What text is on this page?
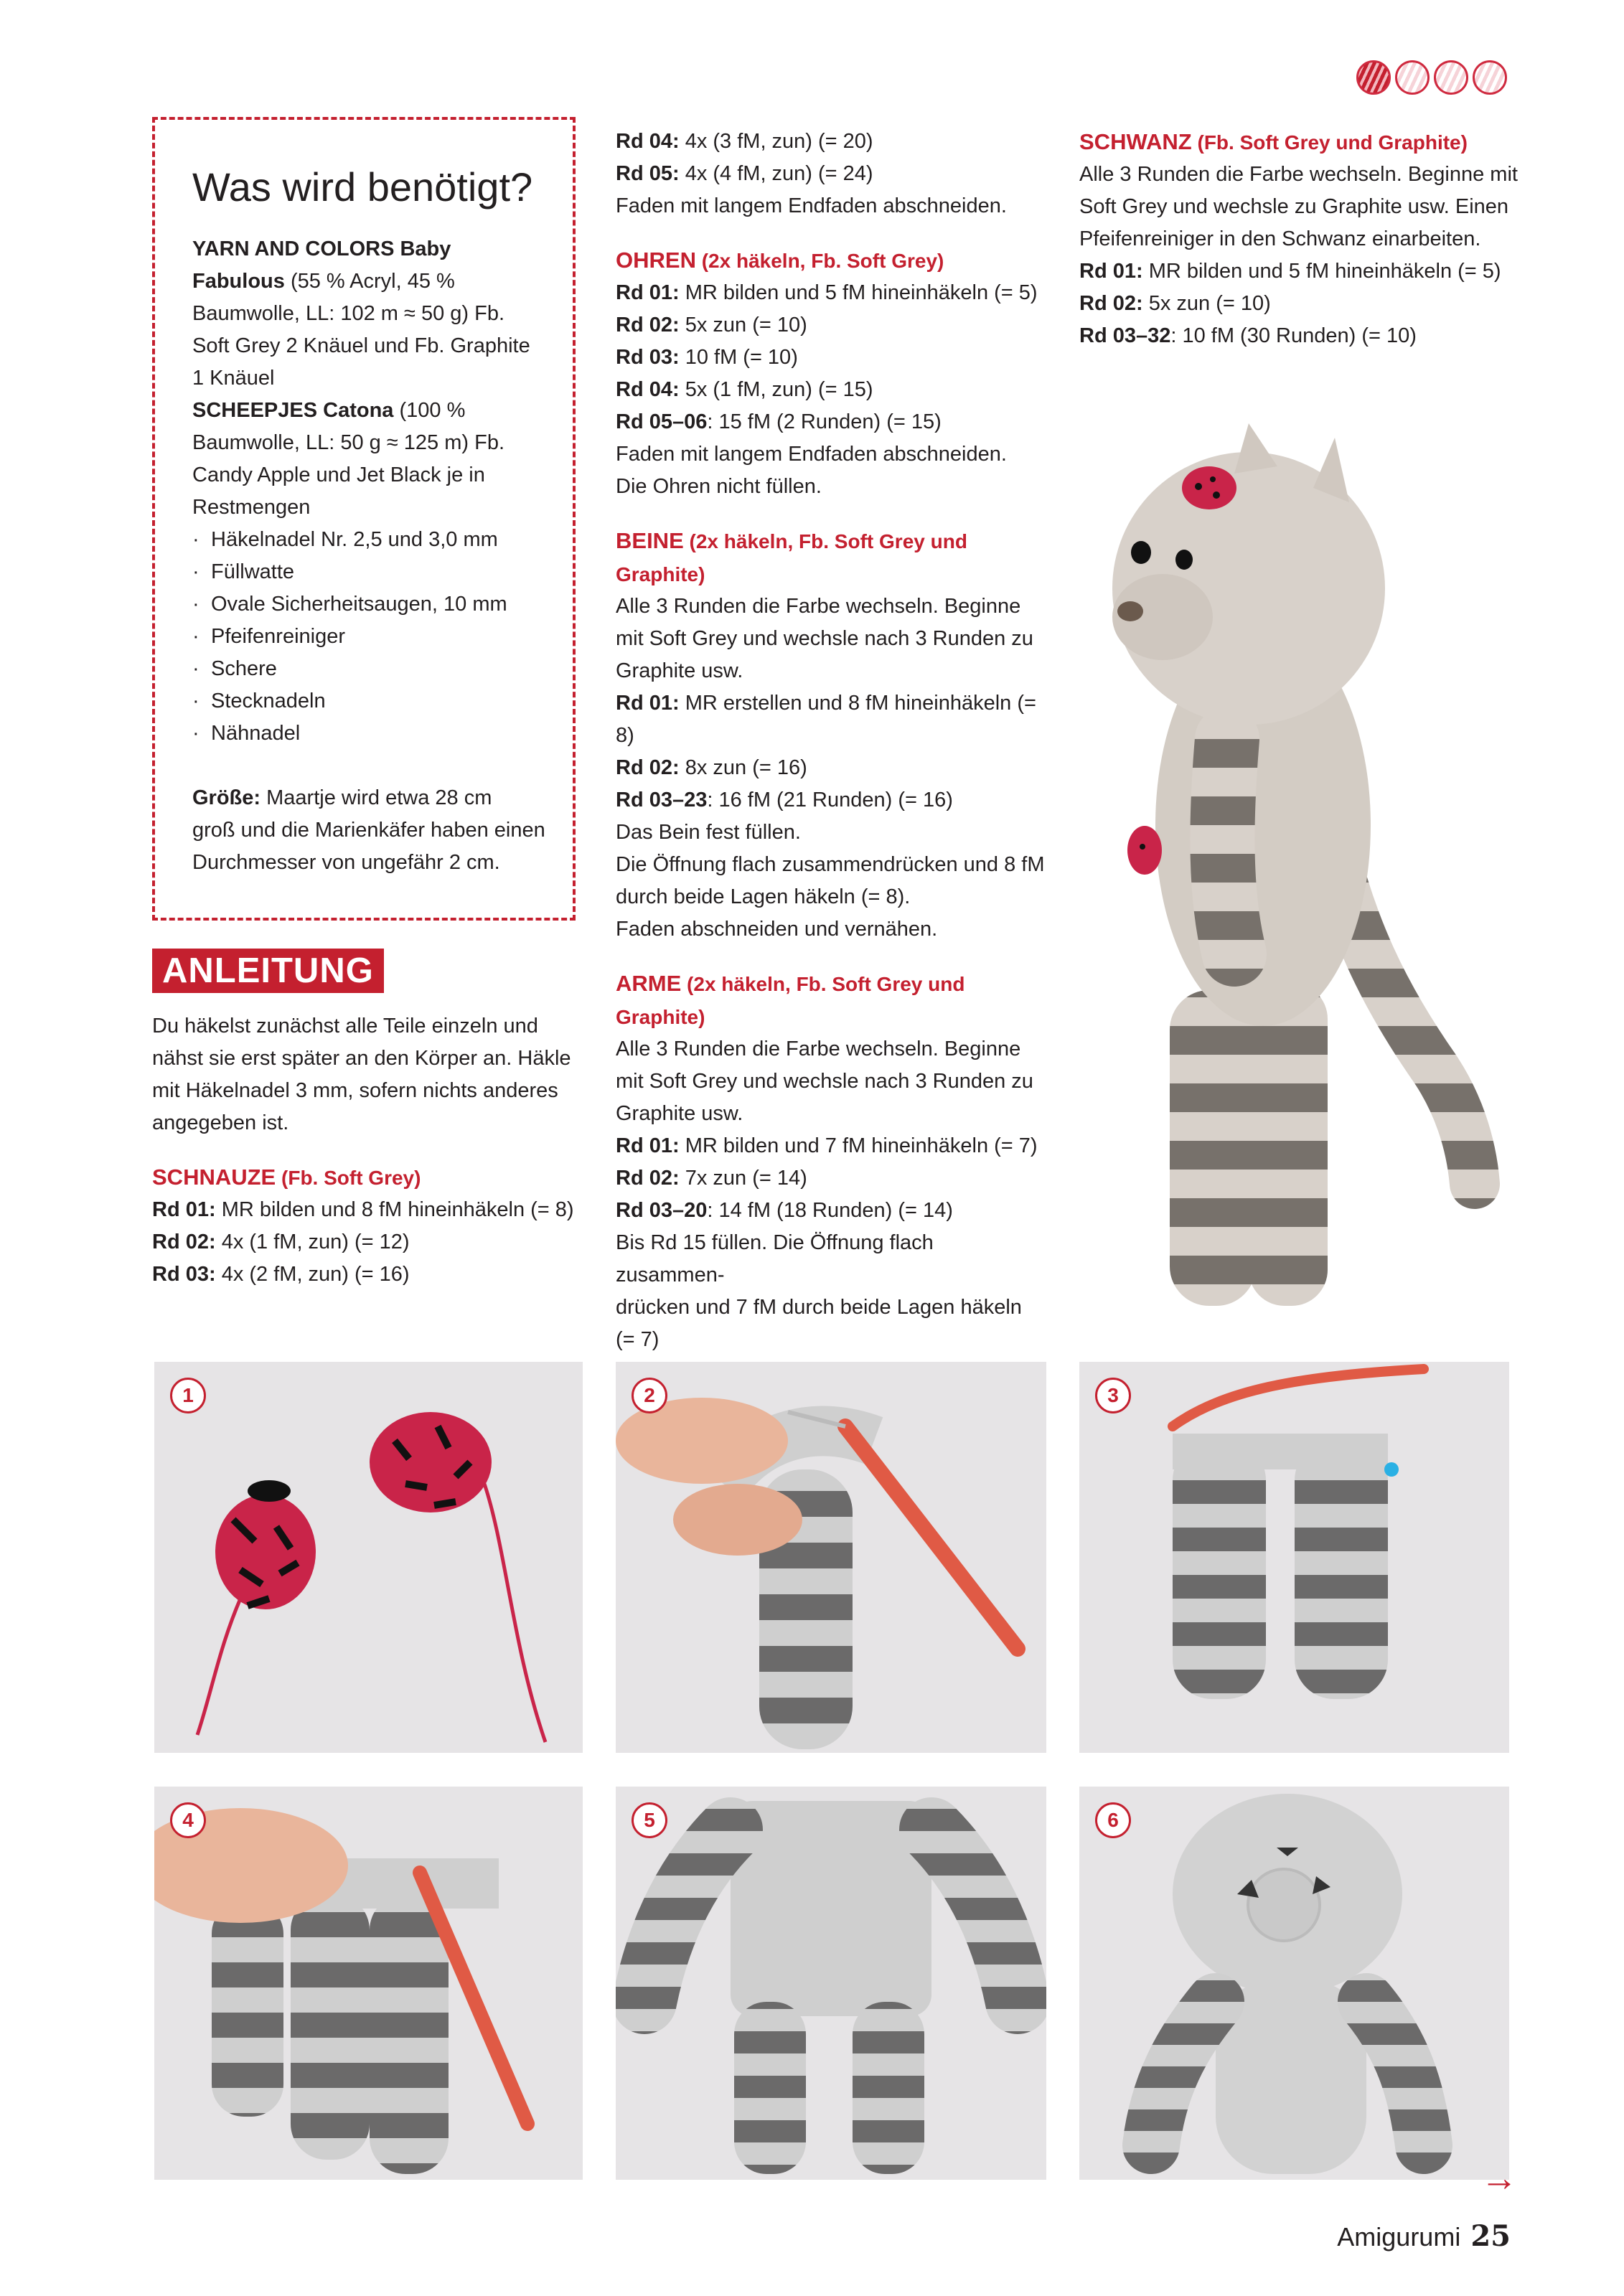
Was wird benötigt?

YARN AND COLORS Baby

Fabulous (55 % Acryl, 45 %

Baumwolle, LL: 102 m ≈ 50 g) Fb.

Soft Grey 2 Knäuel und Fb. Graphite

1 Knäuel

SCHEEPJES Catona (100 %

Baumwolle, LL: 50 g ≈ 125 m) Fb.

Candy Apple und Jet Black je in

Restmengen

· Häkelnadel Nr. 2,5 und 3,0 mm
· Füllwatte
· Ovale Sicherheitsaugen, 10 mm
· Pfeifenreiniger
· Schere
· Stecknadeln
· Nähnadel

Größe: Maartje wird etwa 28 cm

groß und die Marienkäfer haben einen

Durchmesser von ungefähr 2 cm.

ANLEITUNG

Du häkelst zunächst alle Teile einzeln und

nähst sie erst später an den Körper an. Häkle

mit Häkelnadel 3 mm, sofern nichts anderes

angegeben ist.

SCHNAUZE (Fb. Soft Grey)

Rd 01: MR bilden und 8 fM hineinhäkeln (= 8)

Rd 02: 4x (1 fM, zun) (= 12)

Rd 03: 4x (2 fM, zun) (= 16)

Rd 04: 4x (3 fM, zun) (= 20)

Rd 05: 4x (4 fM, zun) (= 24)

Faden mit langem Endfaden abschneiden.

OHREN (2x häkeln, Fb. Soft Grey)

Rd 01: MR bilden und 5 fM hineinhäkeln (= 5)

Rd 02: 5x zun (= 10)

Rd 03: 10 fM (= 10)

Rd 04: 5x (1 fM, zun) (= 15)

Rd 05–06: 15 fM (2 Runden) (= 15)

Faden mit langem Endfaden abschneiden.

Die Ohren nicht füllen.

BEINE (2x häkeln, Fb. Soft Grey und

Graphite)

Alle 3 Runden die Farbe wechseln. Beginne

mit Soft Grey und wechsle nach 3 Runden zu

Graphite usw.

Rd 01: MR erstellen und 8 fM hineinhäkeln (= 8)

Rd 02: 8x zun (= 16)

Rd 03–23: 16 fM (21 Runden) (= 16)

Das Bein fest füllen.

Die Öffnung flach zusammendrücken und 8 fM

durch beide Lagen häkeln (= 8).

Faden abschneiden und vernähen.

ARME (2x häkeln, Fb. Soft Grey und

Graphite)

Alle 3 Runden die Farbe wechseln. Beginne

mit Soft Grey und wechsle nach 3 Runden zu

Graphite usw.

Rd 01: MR bilden und 7 fM hineinhäkeln (= 7)

Rd 02: 7x zun (= 14)

Rd 03–20: 14 fM (18 Runden) (= 14)

Bis Rd 15 füllen. Die Öffnung flach zusammen-

drücken und 7 fM durch beide Lagen häkeln (= 7)

SCHWANZ (Fb. Soft Grey und Graphite)

Alle 3 Runden die Farbe wechseln. Beginne mit

Soft Grey und wechsle zu Graphite usw. Einen

Pfeifenreiniger in den Schwanz einarbeiten.

Rd 01: MR bilden und 5 fM hineinhäkeln (= 5)

Rd 02: 5x zun (= 10)

Rd 03–32: 10 fM (30 Runden) (= 10)

1	2	3
4	5	6
→
Amigurumi 25
